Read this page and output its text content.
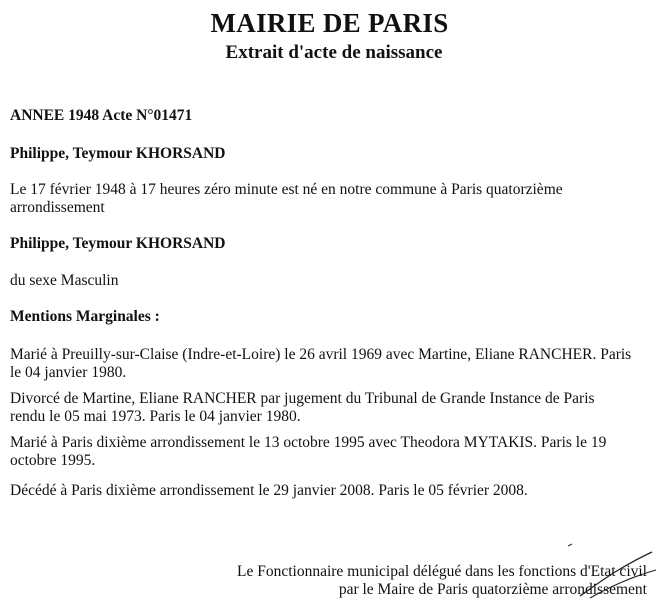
MAIRIE DE PARIS
Extrait d'acte de naissance
ANNEE 1948 Acte N°01471
Philippe, Teymour KHORSAND
Le 17 février 1948 à 17 heures zéro minute est né en notre commune à Paris quatorzième
arrondissement
Philippe, Teymour KHORSAND
du sexe Masculin
Mentions Marginales :
Marié à Preuilly-sur-Claise (Indre-et-Loire) le 26 avril 1969 avec Martine, Eliane RANCHER. Paris
le 04 janvier 1980.
Divorcé de Martine, Eliane RANCHER par jugement du Tribunal de Grande Instance de Paris
rendu le 05 mai 1973. Paris le 04 janvier 1980.
Marié à Paris dixième arrondissement le 13 octobre 1995 avec Theodora MYTAKIS. Paris le 19
octobre 1995.
Décédé à Paris dixième arrondissement le 29 janvier 2008. Paris le 05 février 2008.
Le Fonctionnaire municipal délégué dans les fonctions d'Etat civil
par le Maire de Paris quatorzième arrondissement
